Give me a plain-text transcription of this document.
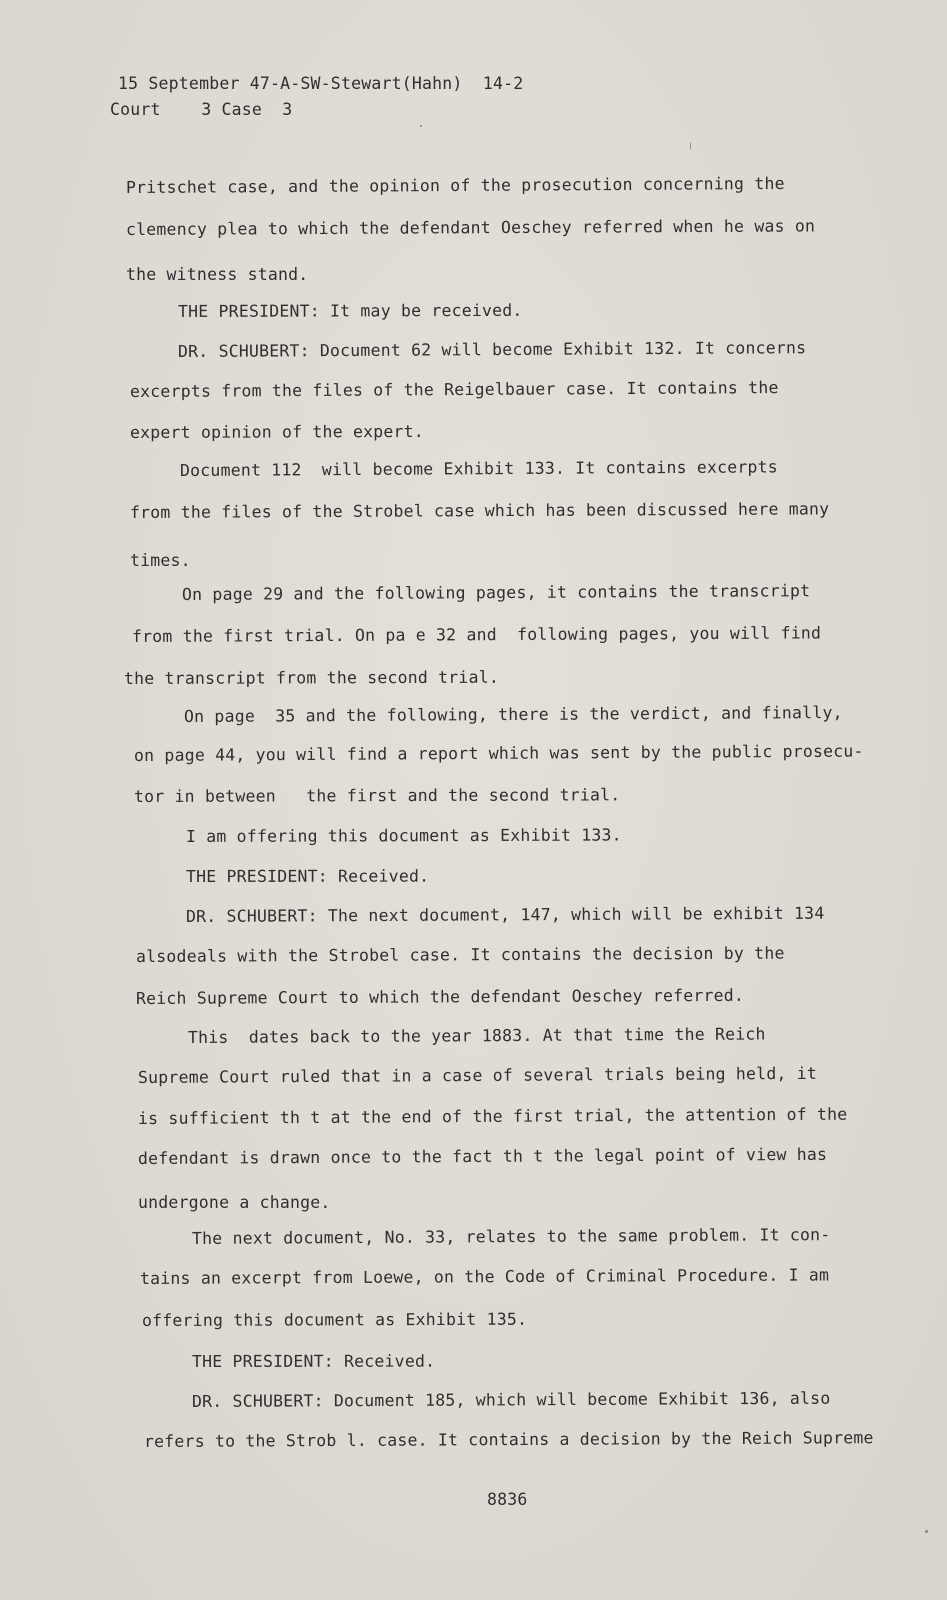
15 September 47-A-SW-Stewart(Hahn)  14-2
Court    3 Case  3
Pritschet case, and the opinion of the prosecution concerning the
clemency plea to which the defendant Oeschey referred when he was on
the witness stand.
THE PRESIDENT: It may be received.
DR. SCHUBERT: Document 62 will become Exhibit 132. It concerns
excerpts from the files of the Reigelbauer case. It contains the
expert opinion of the expert.
Document 112  will become Exhibit 133. It contains excerpts
from the files of the Strobel case which has been discussed here many
times.
On page 29 and the following pages, it contains the transcript
from the first trial. On pa e 32 and  following pages, you will find
the transcript from the second trial.
On page  35 and the following, there is the verdict, and finally,
on page 44, you will find a report which was sent by the public prosecu-
tor in between   the first and the second trial.
I am offering this document as Exhibit 133.
THE PRESIDENT: Received.
DR. SCHUBERT: The next document, 147, which will be exhibit 134
alsodeals with the Strobel case. It contains the decision by the
Reich Supreme Court to which the defendant Oeschey referred.
This  dates back to the year 1883. At that time the Reich
Supreme Court ruled that in a case of several trials being held, it
is sufficient th t at the end of the first trial, the attention of the
defendant is drawn once to the fact th t the legal point of view has
undergone a change.
The next document, No. 33, relates to the same problem. It con-
tains an excerpt from Loewe, on the Code of Criminal Procedure. I am
offering this document as Exhibit 135.
THE PRESIDENT: Received.
DR. SCHUBERT: Document 185, which will become Exhibit 136, also
refers to the Strob l. case. It contains a decision by the Reich Supreme
8836
